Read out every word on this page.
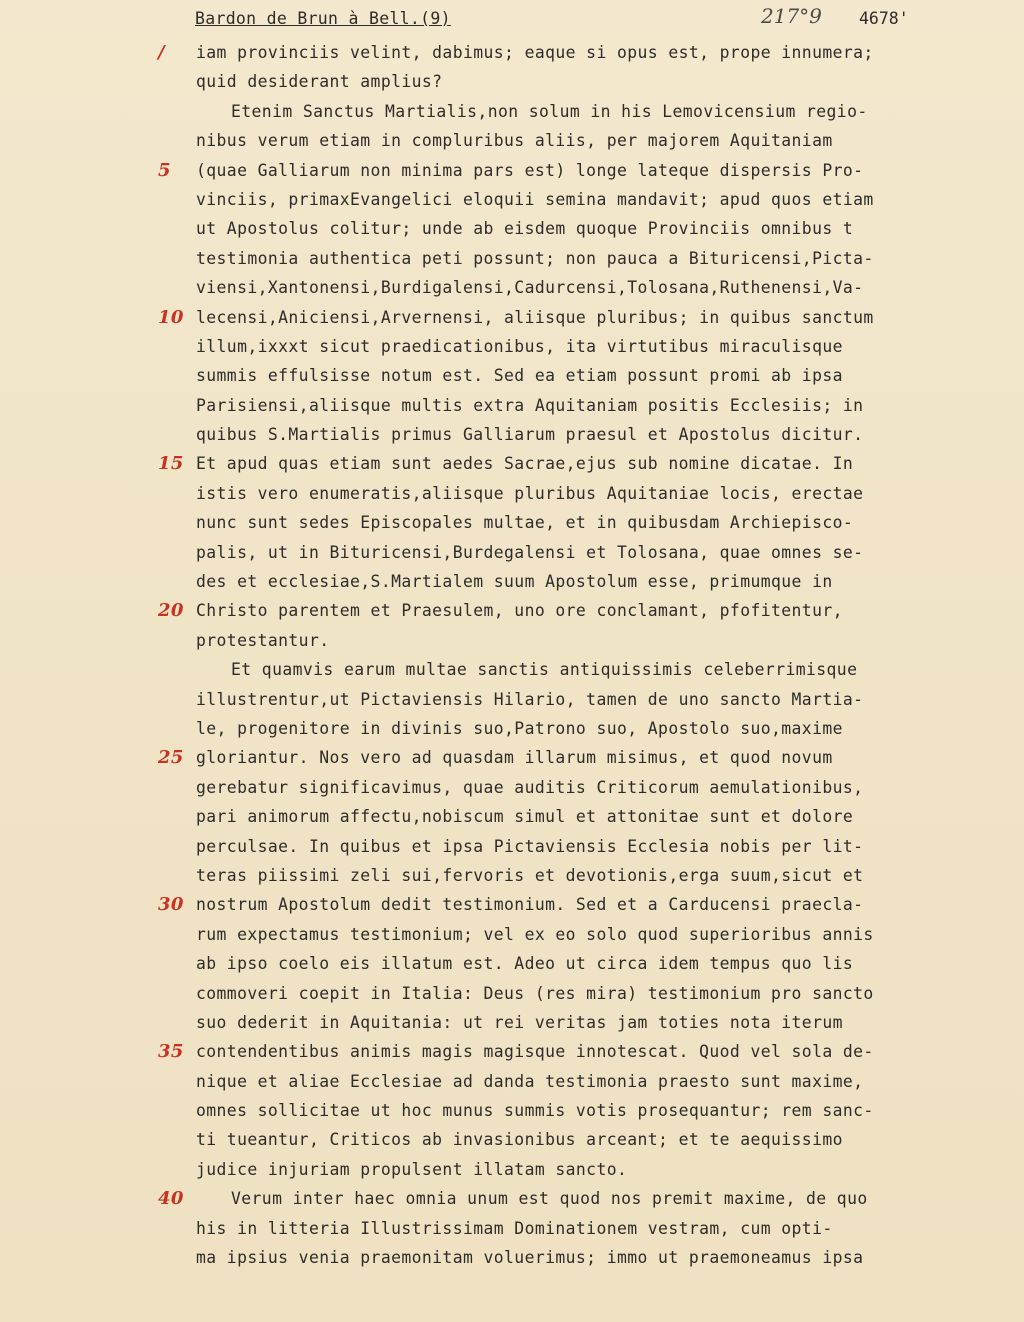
Bardon de Brun à Bell.(9)	217°9 4678'
/	iam provinciis velint, dabimus; eaque si opus est, prope innumera;
quid desiderant amplius?
Etenim Sanctus Martialis,non solum in his Lemovicensium regio-
nibus verum etiam in compluribus aliis, per majorem Aquitaniam
5	(quae Galliarum non minima pars est) longe lateque dispersis Pro-
vinciis, primaxEvangelici eloquii semina mandavit; apud quos etiam
ut Apostolus colitur; unde ab eisdem quoque Provinciis omnibus t
testimonia authentica peti possunt; non pauca a Bituricensi,Picta-
viensi,Xantonensi,Burdigalensi,Cadurcensi,Tolosana,Ruthenensi,Va-
10 lecensi,Aniciensi,Arvernensi, aliisque pluribus; in quibus sanctum
illum,ixxxt sicut praedicationibus, ita virtutibus miraculisque
summis effulsisse notum est. Sed ea etiam possunt promi ab ipsa
Parisiensi,aliisque multis extra Aquitaniam positis Ecclesiis; in
quibus S.Martialis primus Galliarum praesul et Apostolus dicitur.
15 Et apud quas etiam sunt aedes Sacrae,ejus sub nomine dicatae. In
istis vero enumeratis,aliisque pluribus Aquitaniae locis, erectae
nunc sunt sedes Episcopales multae, et in quibusdam Archiepisco-
palis, ut in Bituricensi,Burdegalensi et Tolosana, quae omnes se-
des et ecclesiae,S.Martialem suum Apostolum esse, primumque in
20 Christo parentem et Praesulem, uno ore conclamant, pfofitentur,
protestantur.
Et quamvis earum multae sanctis antiquissimis celeberrimisque
illustrentur,ut Pictaviensis Hilario, tamen de uno sancto Martia-
le, progenitore in divinis suo,Patrono suo, Apostolo suo,maxime
25 gloriantur. Nos vero ad quasdam illarum misimus, et quod novum
gerebatur significavimus, quae auditis Criticorum aemulationibus,
pari animorum affectu,nobiscum simul et attonitae sunt et dolore
perculsae. In quibus et ipsa Pictaviensis Ecclesia nobis per lit-
teras piissimi zeli sui,fervoris et devotionis,erga suum,sicut et
30 nostrum Apostolum dedit testimonium. Sed et a Carducensi praecla-
rum expectamus testimonium; vel ex eo solo quod superioribus annis
ab ipso coelo eis illatum est. Adeo ut circa idem tempus quo lis
commoveri coepit in Italia: Deus (res mira) testimonium pro sancto
suo dederit in Aquitania: ut rei veritas jam toties nota iterum
35 contendentibus animis magis magisque innotescat. Quod vel sola de-
nique et aliae Ecclesiae ad danda testimonia praesto sunt maxime,
omnes sollicitae ut hoc munus summis votis prosequantur; rem sanc-
ti tueantur, Criticos ab invasionibus arceant; et te aequissimo
judice injuriam propulsent illatam sancto.
40	Verum inter haec omnia unum est quod nos premit maxime, de quo
his in litteria Illustrissimam Dominationem vestram, cum opti-
ma ipsius venia praemonitam voluerimus; immo ut praemoneamus ipsa
